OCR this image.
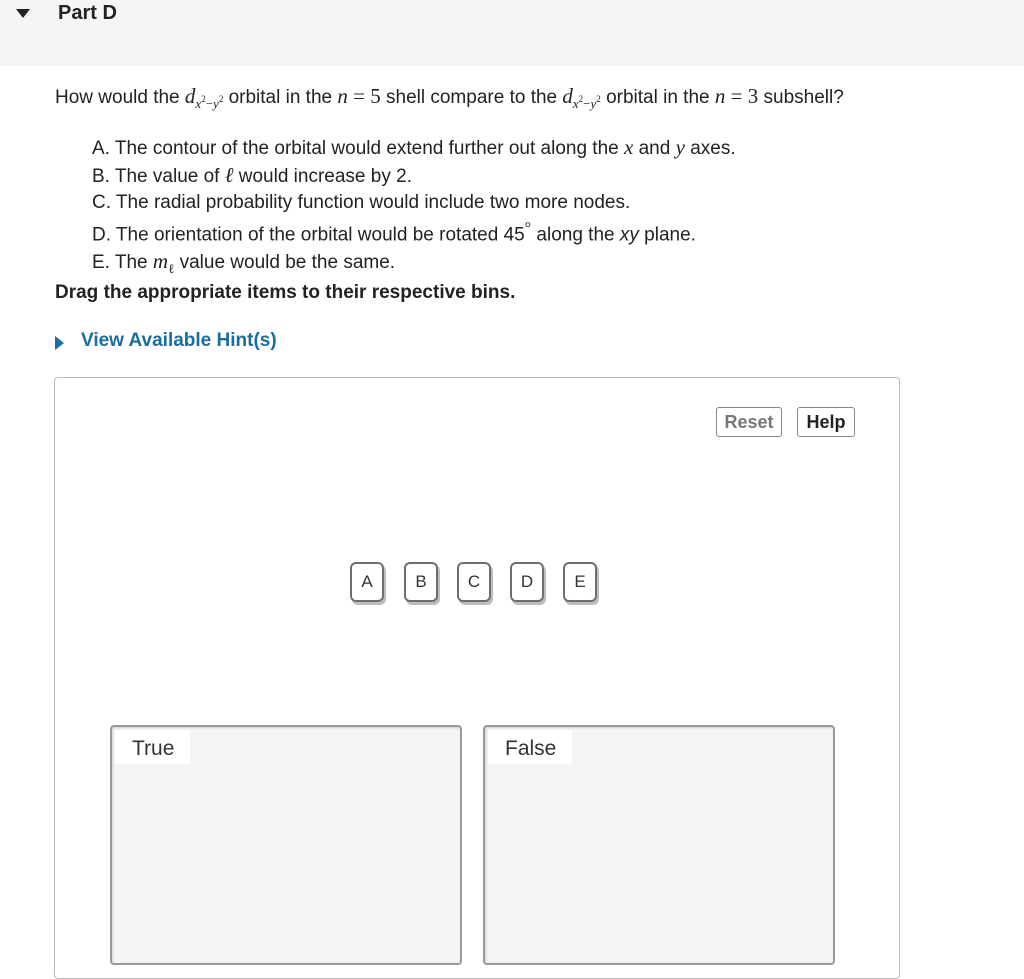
Part D
How would the $d_{x^2-y^2}$ orbital in the n = 5 shell compare to the $d_{x^2-y^2}$ orbital in the n = 3 subshell?
A. The contour of the orbital would extend further out along the x and y axes.
B. The value of ℓ would increase by 2.
C. The radial probability function would include two more nodes.
D. The orientation of the orbital would be rotated 45° along the xy plane.
E. The $m_\ell$ value would be the same.
Drag the appropriate items to their respective bins.
View Available Hint(s)
Reset	Help
A	B	C	D	E
True	False
